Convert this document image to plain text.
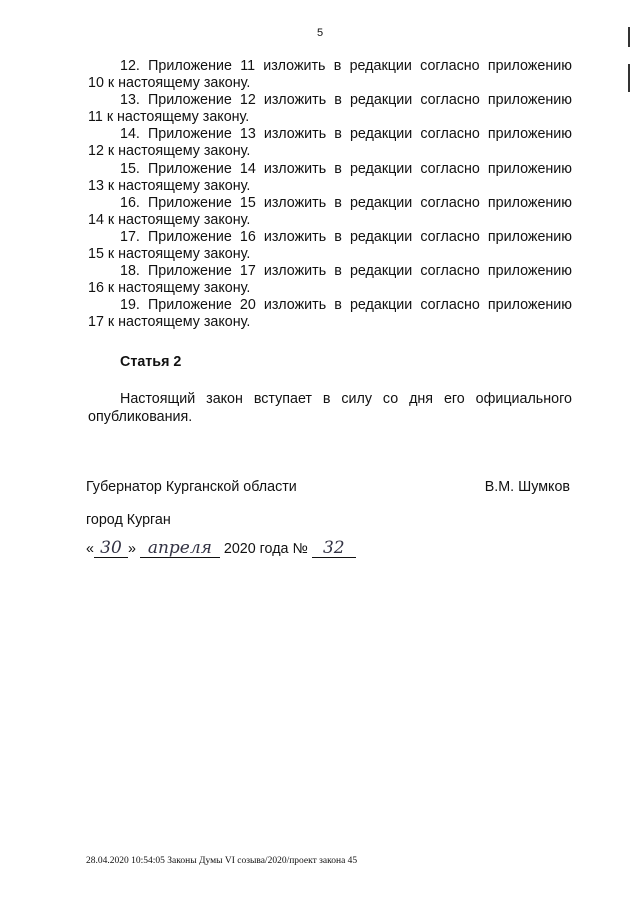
5
12. Приложение 11 изложить в редакции согласно приложению
10 к настоящему закону.
13. Приложение 12 изложить в редакции согласно приложению
11 к настоящему закону.
14. Приложение 13 изложить в редакции согласно приложению
12 к настоящему закону.
15. Приложение 14 изложить в редакции согласно приложению
13 к настоящему закону.
16. Приложение 15 изложить в редакции согласно приложению
14 к настоящему закону.
17. Приложение 16 изложить в редакции согласно приложению
15 к настоящему закону.
18. Приложение 17 изложить в редакции согласно приложению
16 к настоящему закону.
19. Приложение 20 изложить в редакции согласно приложению
17 к настоящему закону.
Статья 2
Настоящий закон вступает в силу со дня его официального
опубликования.
Губернатор Курганской области	В.М. Шумков
город Курган
« 30 » апреля 2020 года № 32
28.04.2020 10:54:05 Законы Думы VI созыва/2020/проект закона 45
